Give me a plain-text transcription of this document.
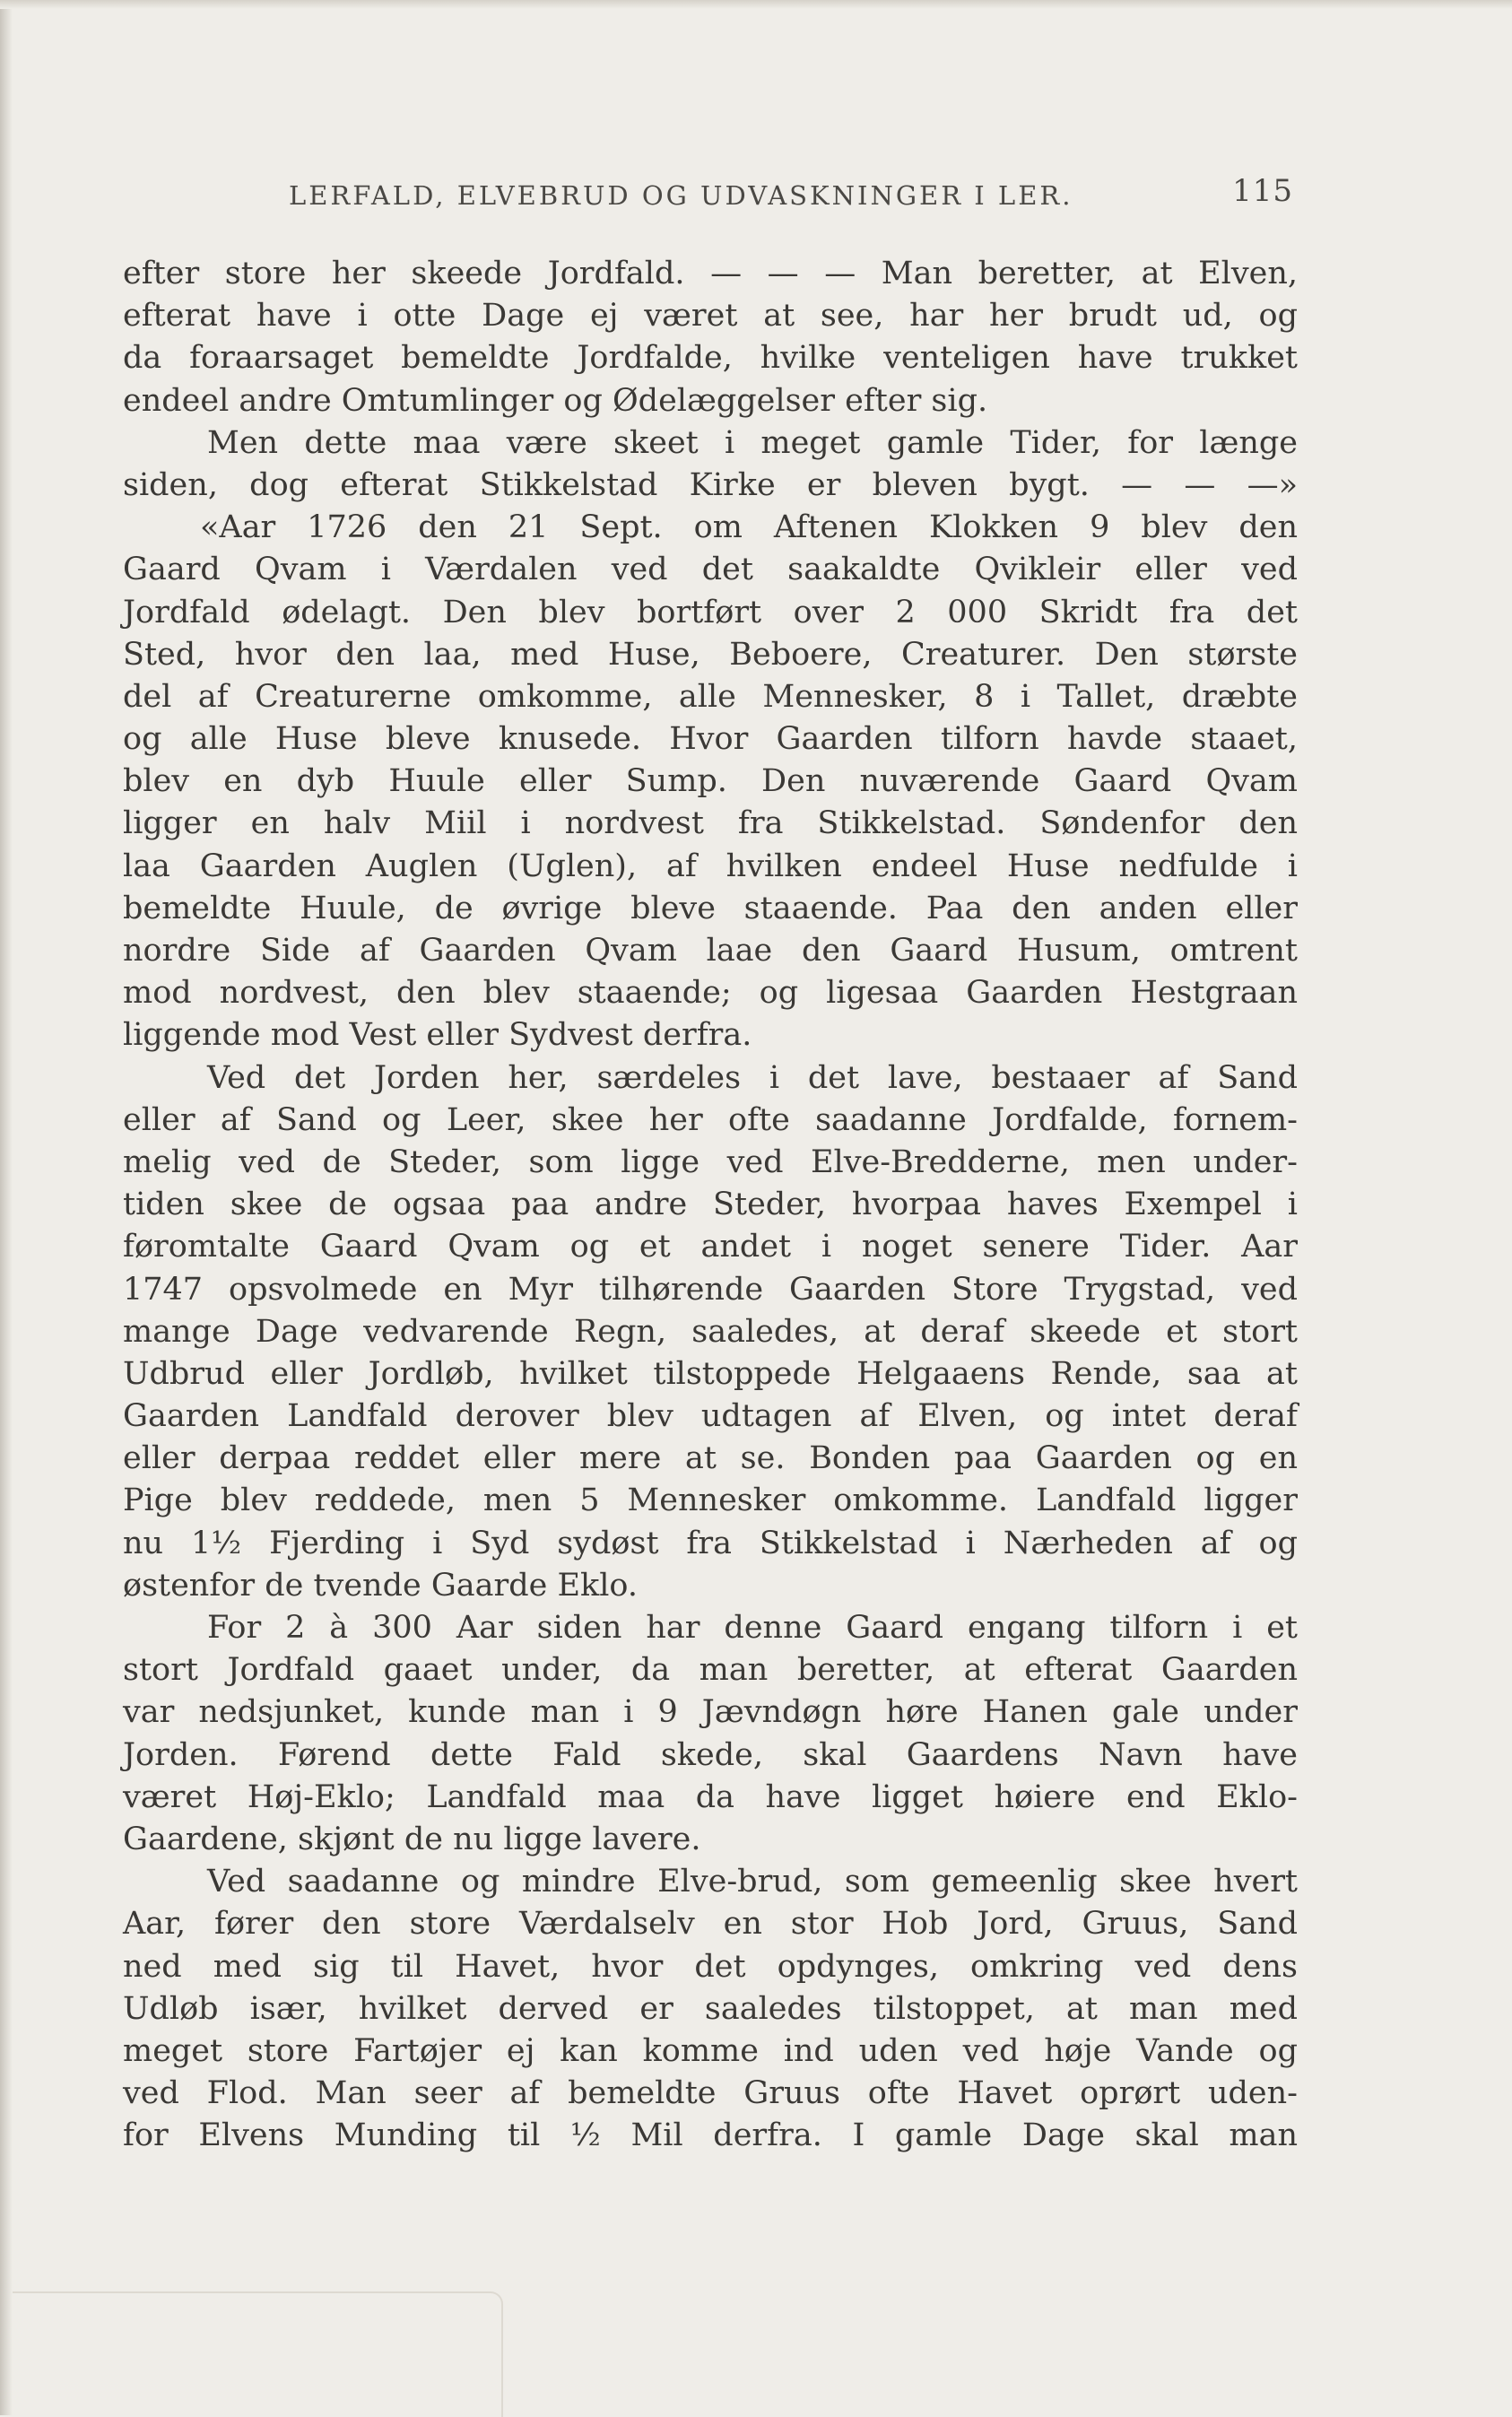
LERFALD, ELVEBRUD OG UDVASKNINGER I LER.	115
efter store her skeede Jordfald. — — — Man beretter, at Elven,
efterat have i otte Dage ej været at see, har her brudt ud, og
da foraarsaget bemeldte Jordfalde, hvilke venteligen have trukket
endeel andre Omtumlinger og Ødelæggelser efter sig.
Men dette maa være skeet i meget gamle Tider, for længe
siden, dog efterat Stikkelstad Kirke er bleven bygt. — — —»
«Aar 1726 den 21 Sept. om Aftenen Klokken 9 blev den
Gaard Qvam i Værdalen ved det saakaldte Qvikleir eller ved
Jordfald ødelagt. Den blev bortført over 2 000 Skridt fra det
Sted, hvor den laa, med Huse, Beboere, Creaturer. Den største
del af Creaturerne omkomme, alle Mennesker, 8 i Tallet, dræbte
og alle Huse bleve knusede. Hvor Gaarden tilforn havde staaet,
blev en dyb Huule eller Sump. Den nuværende Gaard Qvam
ligger en halv Miil i nordvest fra Stikkelstad. Søndenfor den
laa Gaarden Auglen (Uglen), af hvilken endeel Huse nedfulde i
bemeldte Huule, de øvrige bleve staaende. Paa den anden eller
nordre Side af Gaarden Qvam laae den Gaard Husum, omtrent
mod nordvest, den blev staaende; og ligesaa Gaarden Hestgraan
liggende mod Vest eller Sydvest derfra.
Ved det Jorden her, særdeles i det lave, bestaaer af Sand
eller af Sand og Leer, skee her ofte saadanne Jordfalde, fornem-
melig ved de Steder, som ligge ved Elve-Bredderne, men under-
tiden skee de ogsaa paa andre Steder, hvorpaa haves Exempel i
føromtalte Gaard Qvam og et andet i noget senere Tider. Aar
1747 opsvolmede en Myr tilhørende Gaarden Store Trygstad, ved
mange Dage vedvarende Regn, saaledes, at deraf skeede et stort
Udbrud eller Jordløb, hvilket tilstoppede Helgaaens Rende, saa at
Gaarden Landfald derover blev udtagen af Elven, og intet deraf
eller derpaa reddet eller mere at se. Bonden paa Gaarden og en
Pige blev reddede, men 5 Mennesker omkomme. Landfald ligger
nu 1½ Fjerding i Syd sydøst fra Stikkelstad i Nærheden af og
østenfor de tvende Gaarde Eklo.
For 2 à 300 Aar siden har denne Gaard engang tilforn i et
stort Jordfald gaaet under, da man beretter, at efterat Gaarden
var nedsjunket, kunde man i 9 Jævndøgn høre Hanen gale under
Jorden. Førend dette Fald skede, skal Gaardens Navn have
været Høj-Eklo; Landfald maa da have ligget høiere end Eklo-
Gaardene, skjønt de nu ligge lavere.
Ved saadanne og mindre Elve-brud, som gemeenlig skee hvert
Aar, fører den store Værdalselv en stor Hob Jord, Gruus, Sand
ned med sig til Havet, hvor det opdynges, omkring ved dens
Udløb især, hvilket derved er saaledes tilstoppet, at man med
meget store Fartøjer ej kan komme ind uden ved høje Vande og
ved Flod. Man seer af bemeldte Gruus ofte Havet oprørt uden-
for Elvens Munding til ½ Mil derfra. I gamle Dage skal man
